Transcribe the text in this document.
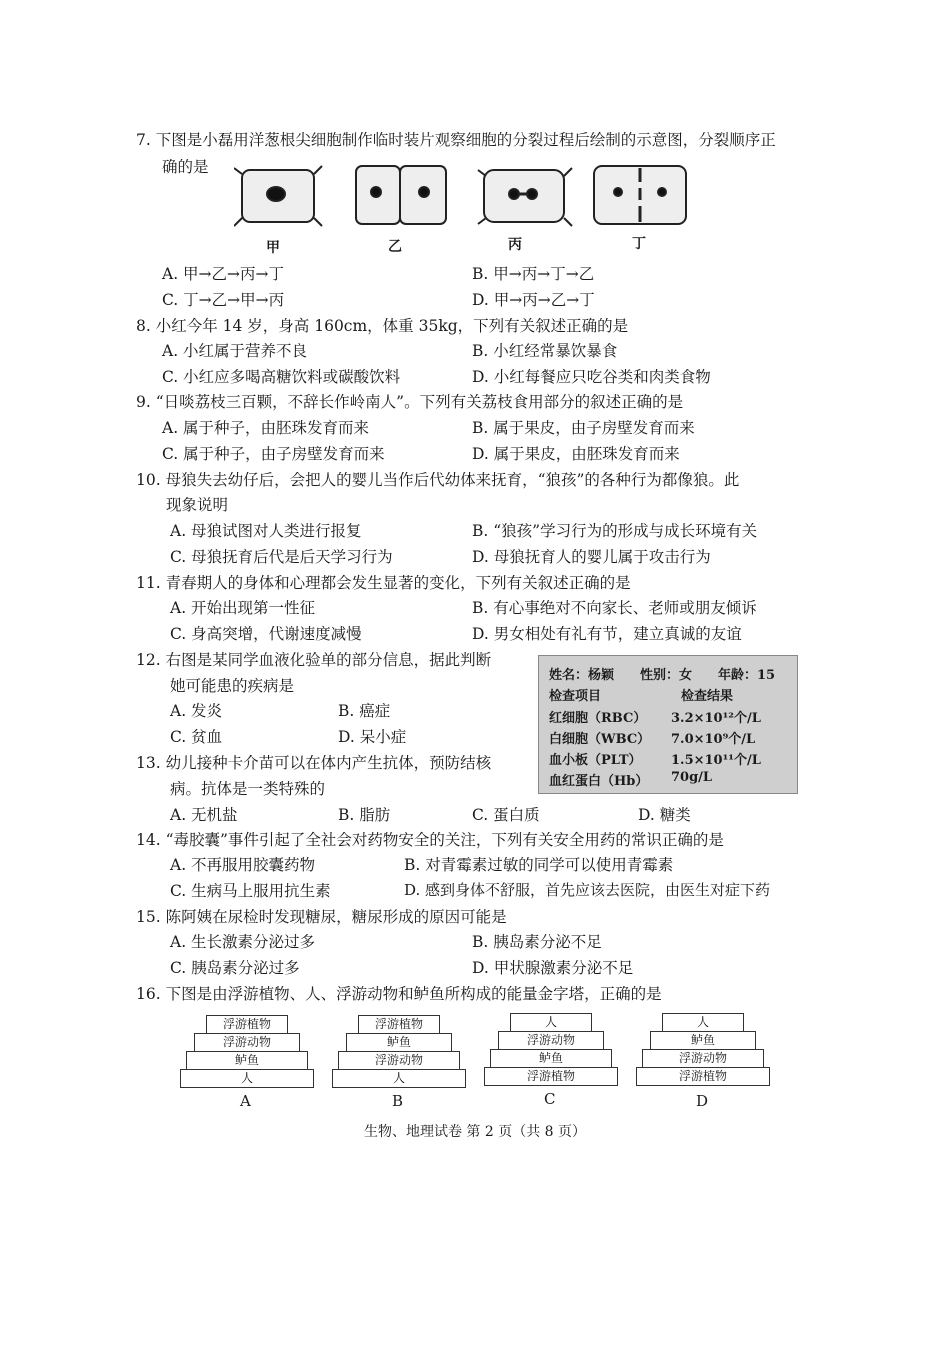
7. 下图是小磊用洋葱根尖细胞制作临时装片观察细胞的分裂过程后绘制的示意图，分裂顺序正
确的是
甲	乙	丙	丁
A. 甲→乙→丙→丁	B. 甲→丙→丁→乙
C. 丁→乙→甲→丙	D. 甲→丙→乙→丁
8. 小红今年 14 岁，身高 160cm，体重 35kg，下列有关叙述正确的是
A. 小红属于营养不良	B. 小红经常暴饮暴食
C. 小红应多喝高糖饮料或碳酸饮料	D. 小红每餐应只吃谷类和肉类食物
9. “日啖荔枝三百颗，不辞长作岭南人”。下列有关荔枝食用部分的叙述正确的是
A. 属于种子，由胚珠发育而来	B. 属于果皮，由子房壁发育而来
C. 属于种子，由子房壁发育而来	D. 属于果皮，由胚珠发育而来
10. 母狼失去幼仔后，会把人的婴儿当作后代幼体来抚育，“狼孩”的各种行为都像狼。此
现象说明
A. 母狼试图对人类进行报复	B. “狼孩”学习行为的形成与成长环境有关
C. 母狼抚育后代是后天学习行为	D. 母狼抚育人的婴儿属于攻击行为
11. 青春期人的身体和心理都会发生显著的变化，下列有关叙述正确的是
A. 开始出现第一性征	B. 有心事绝对不向家长、老师或朋友倾诉
C. 身高突增，代谢速度减慢	D. 男女相处有礼有节，建立真诚的友谊
12. 右图是某同学血液化验单的部分信息，据此判断
她可能患的疾病是
A. 发炎	B. 癌症
C. 贫血	D. 呆小症
姓名：杨颖　　性别：女　　年龄：15
检查项目	检查结果
红细胞（RBC） 3.2×10¹²个/L
白细胞（WBC） 7.0×10⁹个/L
血小板（PLT） 1.5×10¹¹个/L
血红蛋白（Hb） 70g/L
13. 幼儿接种卡介苗可以在体内产生抗体，预防结核
病。抗体是一类特殊的
A. 无机盐	B. 脂肪	C. 蛋白质	D. 糖类
14. “毒胶囊”事件引起了全社会对药物安全的关注，下列有关安全用药的常识正确的是
A. 不再服用胶囊药物	B. 对青霉素过敏的同学可以使用青霉素
C. 生病马上服用抗生素	D. 感到身体不舒服，首先应该去医院，由医生对症下药
15. 陈阿姨在尿检时发现糖尿，糖尿形成的原因可能是
A. 生长激素分泌过多	B. 胰岛素分泌不足
C. 胰岛素分泌过多	D. 甲状腺激素分泌不足
16. 下图是由浮游植物、人、浮游动物和鲈鱼所构成的能量金字塔，正确的是
浮游植物
浮游动物
鲈鱼
人
A
浮游植物
鲈鱼
浮游动物
人
B
人
浮游动物
鲈鱼
浮游植物
C
人
鲈鱼
浮游动物
浮游植物
D
生物、地理试卷 第 2 页（共 8 页）
